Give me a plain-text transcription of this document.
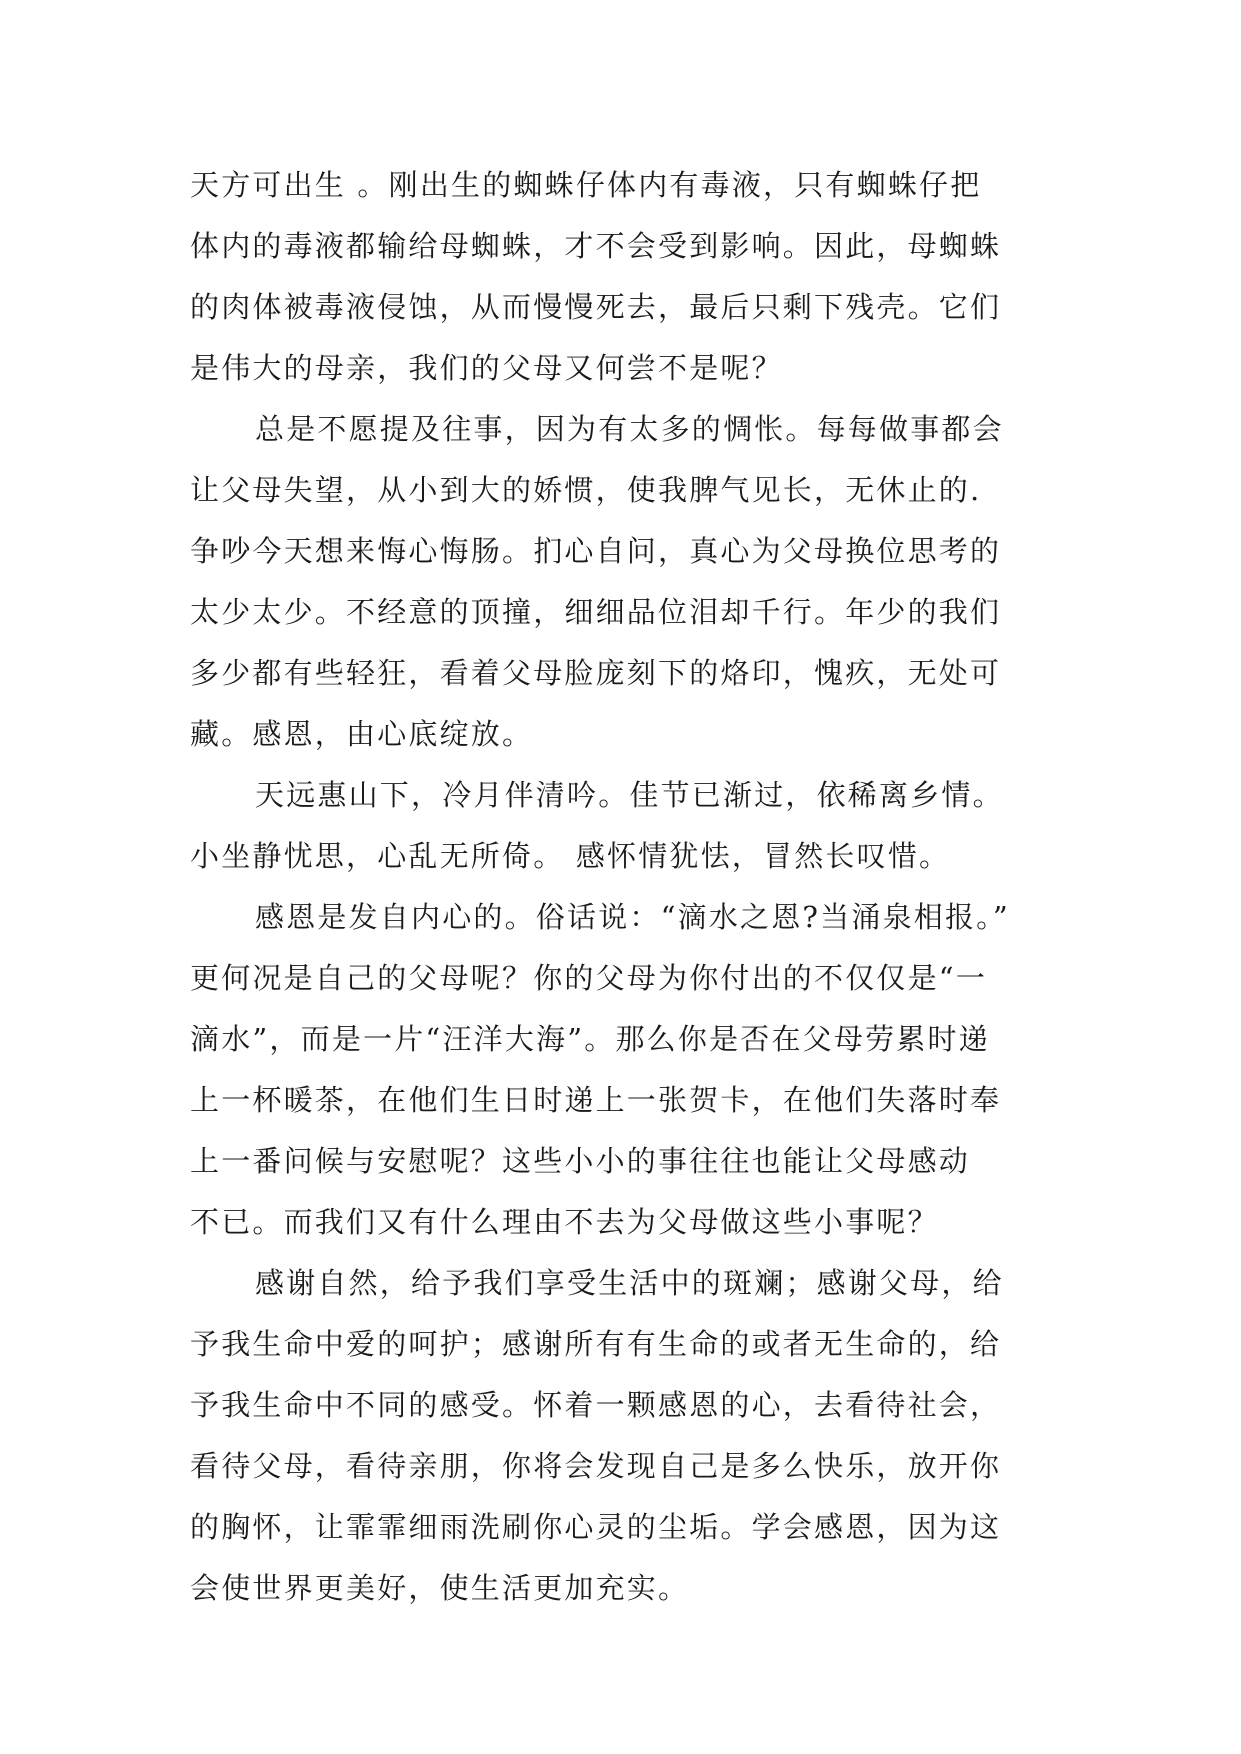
天方可出生 。刚出生的蜘蛛仔体内有毒液，只有蜘蛛仔把
体内的毒液都输给母蜘蛛，才不会受到影响。因此，母蜘蛛
的肉体被毒液侵蚀，从而慢慢死去，最后只剩下残壳。它们
是伟大的母亲，我们的父母又何尝不是呢？
总是不愿提及往事，因为有太多的惆怅。每每做事都会
让父母失望，从小到大的娇惯，使我脾气见长，无休止的.
争吵今天想来悔心悔肠。扪心自问，真心为父母换位思考的
太少太少。不经意的顶撞，细细品位泪却千行。年少的我们
多少都有些轻狂，看着父母脸庞刻下的烙印，愧疚，无处可
藏。感恩，由心底绽放。
天远惠山下，冷月伴清吟。佳节已渐过，依稀离乡情。
小坐静忧思，心乱无所倚。 感怀情犹怯，冒然长叹惜。
感恩是发自内心的。俗话说：“滴水之恩?当涌泉相报。”
更何况是自己的父母呢？你的父母为你付出的不仅仅是“一
滴水”，而是一片“汪洋大海”。那么你是否在父母劳累时递
上一杯暖茶，在他们生日时递上一张贺卡，在他们失落时奉
上一番问候与安慰呢？这些小小的事往往也能让父母感动
不已。而我们又有什么理由不去为父母做这些小事呢？
感谢自然，给予我们享受生活中的斑斓；感谢父母，给
予我生命中爱的呵护；感谢所有有生命的或者无生命的，给
予我生命中不同的感受。怀着一颗感恩的心，去看待社会，
看待父母，看待亲朋，你将会发现自己是多么快乐，放开你
的胸怀，让霏霏细雨洗刷你心灵的尘垢。学会感恩，因为这
会使世界更美好，使生活更加充实。
